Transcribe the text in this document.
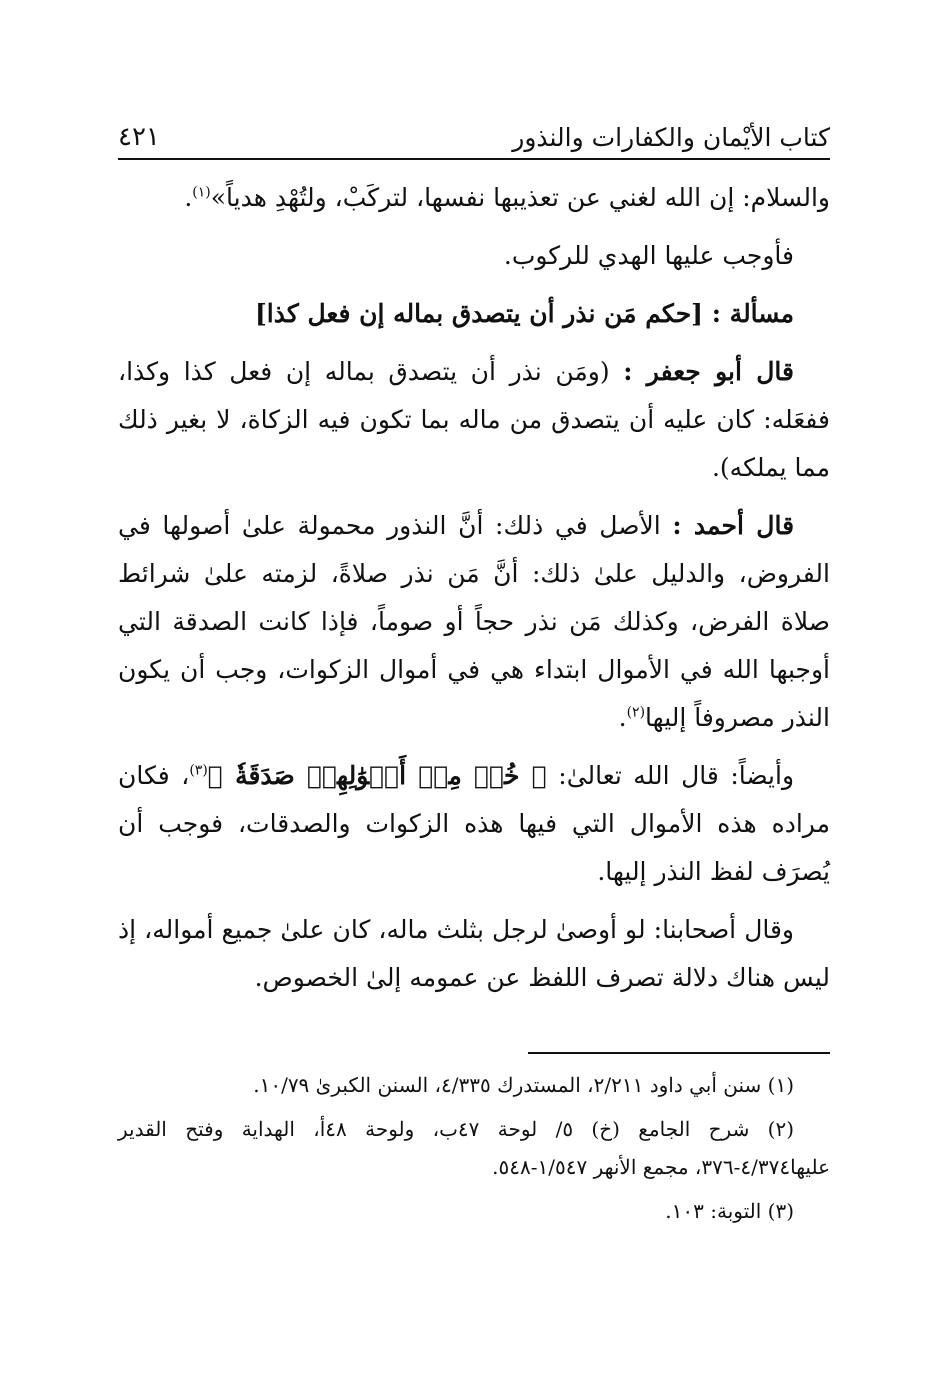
كتاب الأيْمان والكفارات والنذور
٤٢١

والسلام: إن الله لغني عن تعذيبها نفسها، لتركَبْ، ولتُهْدِ هدياً»$^{(١)}$.

فأوجب عليها الهدي للركوب.

مسألة : [حكم مَن نذر أن يتصدق بماله إن فعل كذا]

قال أبو جعفر : (ومَن نذر أن يتصدق بماله إن فعل كذا وكذا، ففعَله: كان عليه أن يتصدق من ماله بما تكون فيه الزكاة، لا بغير ذلك مما يملكه).

قال أحمد : الأصل في ذلك: أنَّ النذور محمولة علىٰ أصولها في الفروض، والدليل علىٰ ذلك: أنَّ مَن نذر صلاةً، لزمته علىٰ شرائط صلاة الفرض، وكذلك مَن نذر حجاً أو صوماً، فإذا كانت الصدقة التي أوجبها الله في الأموال ابتداء هي في أموال الزكوات، وجب أن يكون النذر مصروفاً إليها$^{(٢)}$.

وأيضاً: قال الله تعالىٰ: ﴿ خُذۡ مِنۡ أَمۡوَٰلِهِمۡ صَدَقَةٗ ﴾$^{(٣)}$، فكان مراده هذه الأموال التي فيها هذه الزكوات والصدقات، فوجب أن يُصرَف لفظ النذر إليها.

وقال أصحابنا: لو أوصىٰ لرجل بثلث ماله، كان علىٰ جميع أمواله، إذ ليس هناك دلالة تصرف اللفظ عن عمومه إلىٰ الخصوص.

(١) سنن أبي داود ٢/٢١١، المستدرك ٤/٣٣٥، السنن الكبرىٰ ١٠/٧٩.

(٢) شرح الجامع (خ) ٥/ لوحة ٤٧ب، ولوحة ٤٨أ، الهداية وفتح القدير عليها٤/٣٧٤-٣٧٦، مجمع الأنهر ١/٥٤٧-٥٤٨.

(٣) التوبة: ١٠٣.
